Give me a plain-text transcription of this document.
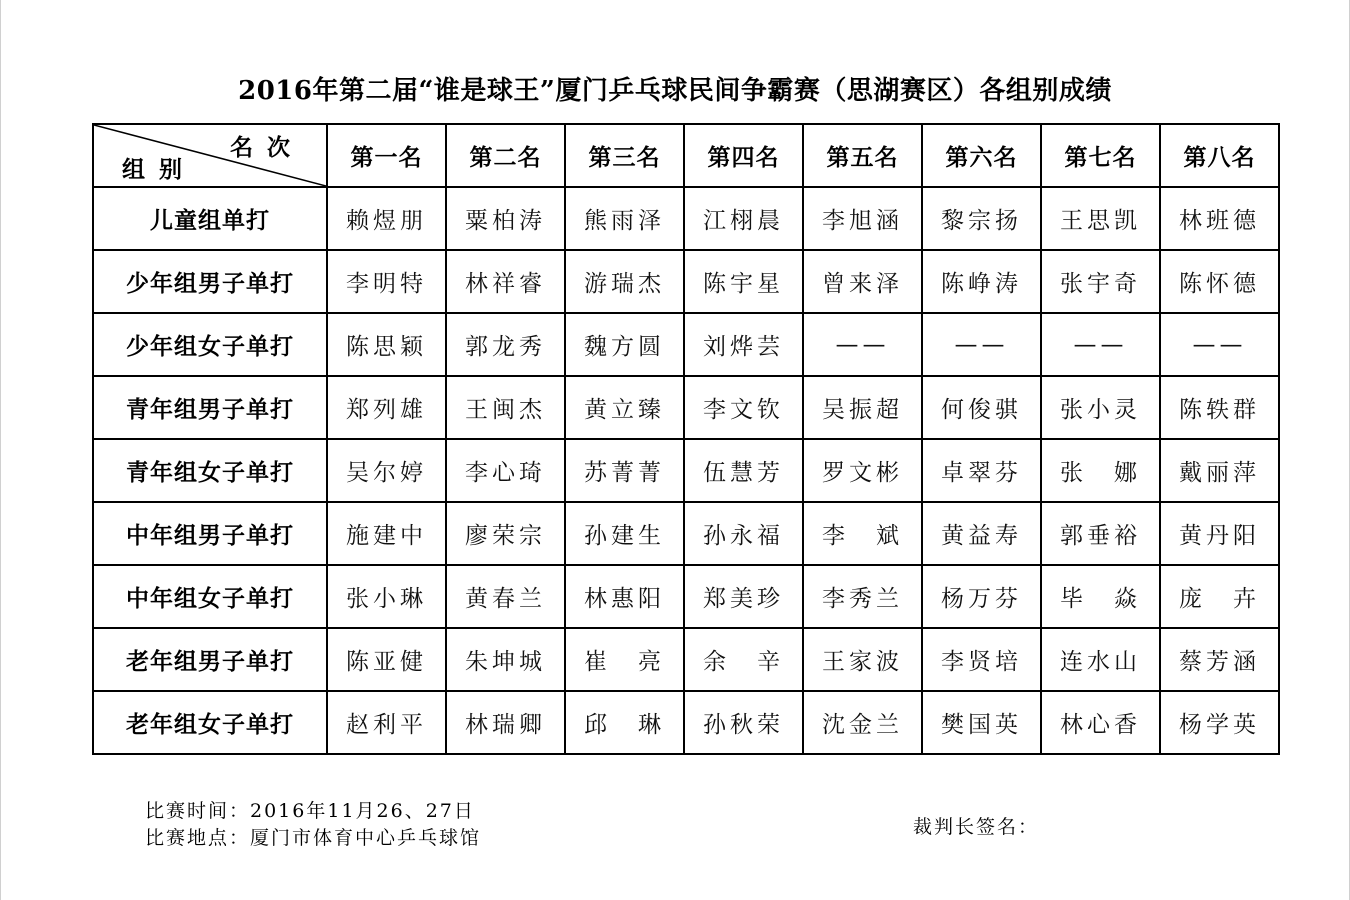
2016年第二届“谁是球王”厦门乒乓球民间争霸赛（思湖赛区）各组别成绩
名次
组别	第一名	第二名	第三名	第四名	第五名	第六名	第七名	第八名
儿童组单打	赖煜朋	粟柏涛	熊雨泽	江栩晨	李旭涵	黎宗扬	王思凯	林班德
少年组男子单打	李明特	林祥睿	游瑞杰	陈宇星	曾来泽	陈峥涛	张宇奇	陈怀德
少年组女子单打	陈思颖	郭龙秀	魏方圆	刘烨芸	——	——	——	——
青年组男子单打	郑列雄	王闽杰	黄立臻	李文钦	吴振超	何俊骐	张小灵	陈轶群
青年组女子单打	吴尔婷	李心琦	苏菁菁	伍慧芳	罗文彬	卓翠芬	张　娜	戴丽萍
中年组男子单打	施建中	廖荣宗	孙建生	孙永福	李　斌	黄益寿	郭垂裕	黄丹阳
中年组女子单打	张小琳	黄春兰	林惠阳	郑美珍	李秀兰	杨万芬	毕　焱	庞　卉
老年组男子单打	陈亚健	朱坤城	崔　亮	余　辛	王家波	李贤培	连水山	蔡芳涵
老年组女子单打	赵利平	林瑞卿	邱　琳	孙秋荣	沈金兰	樊国英	林心香	杨学英
比赛时间：2016年11月26、27日
比赛地点：厦门市体育中心乒乓球馆	裁判长签名：
